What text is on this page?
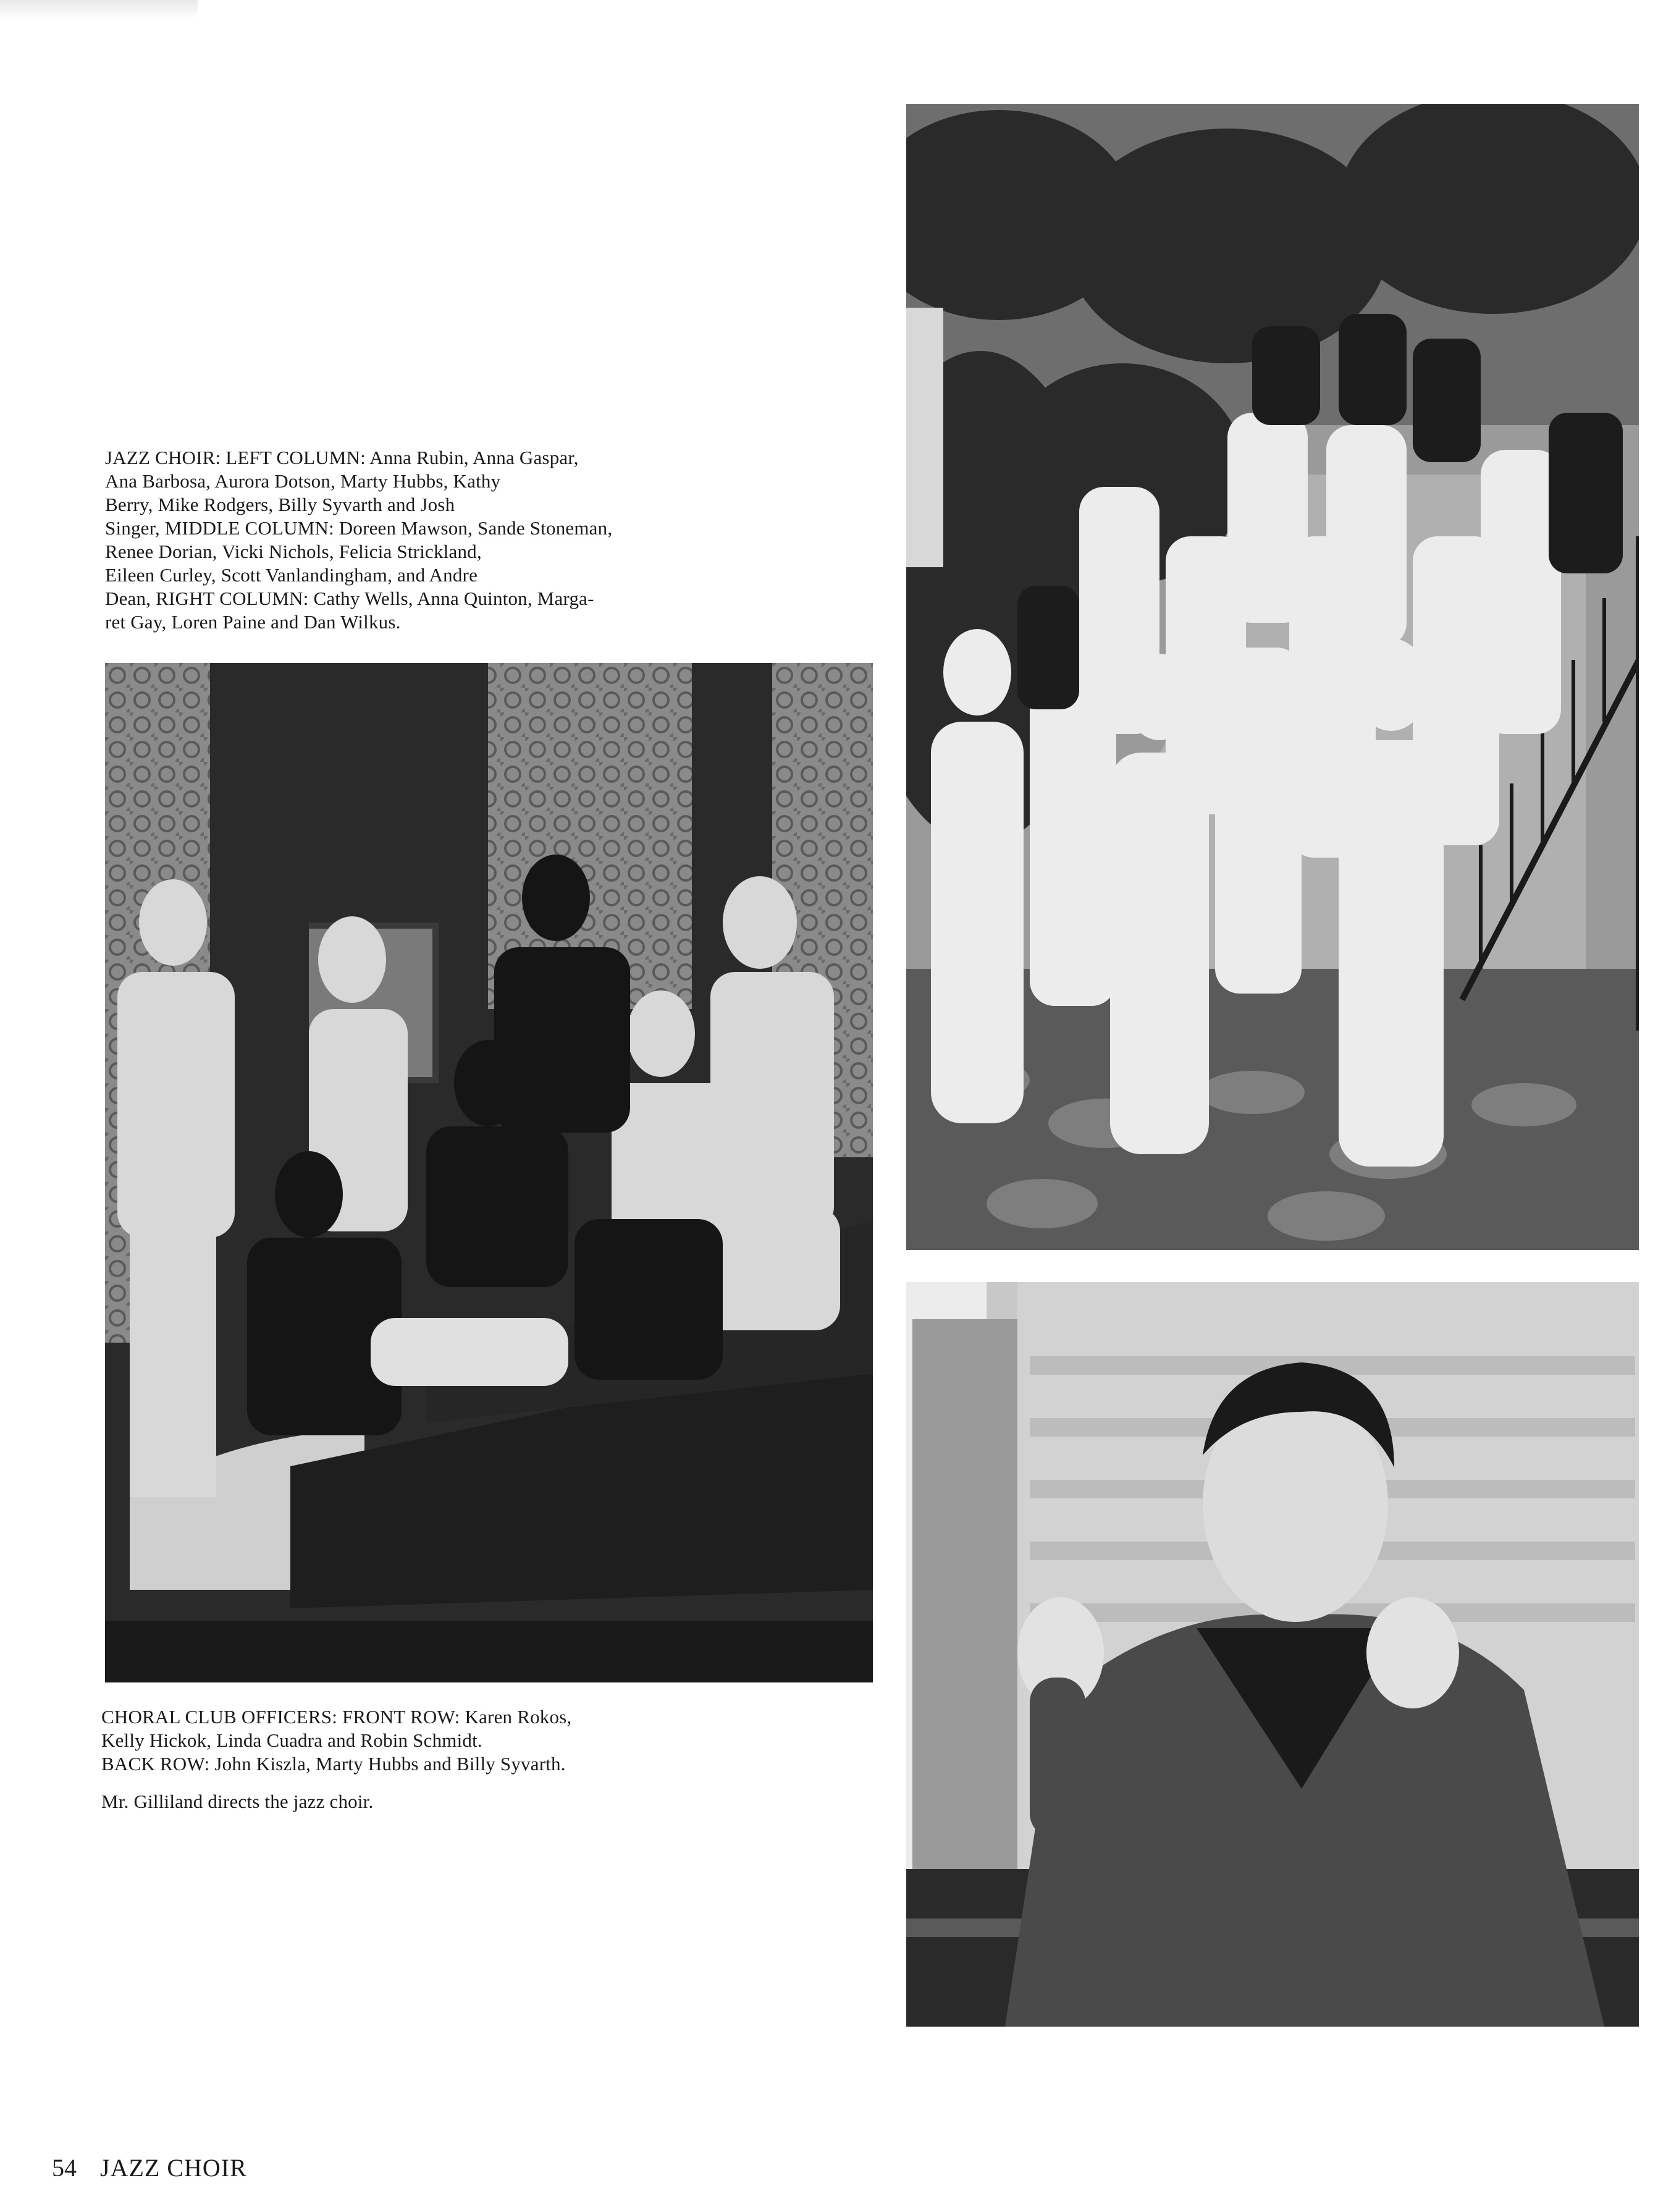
JAZZ CHOIR: LEFT COLUMN: Anna Rubin, Anna Gaspar,

Ana Barbosa, Aurora Dotson, Marty Hubbs, Kathy

Berry, Mike Rodgers, Billy Syvarth and Josh

Singer, MIDDLE COLUMN: Doreen Mawson, Sande Stoneman,

Renee Dorian, Vicki Nichols, Felicia Strickland,

Eileen Curley, Scott Vanlandingham, and Andre

Dean, RIGHT COLUMN: Cathy Wells, Anna Quinton, Marga-

ret Gay, Loren Paine and Dan Wilkus.

CHORAL CLUB OFFICERS: FRONT ROW: Karen Rokos,

Kelly Hickok, Linda Cuadra and Robin Schmidt.

BACK ROW: John Kiszla, Marty Hubbs and Billy Syvarth.

Mr. Gilliland directs the jazz choir.

54 JAZZ CHOIR
